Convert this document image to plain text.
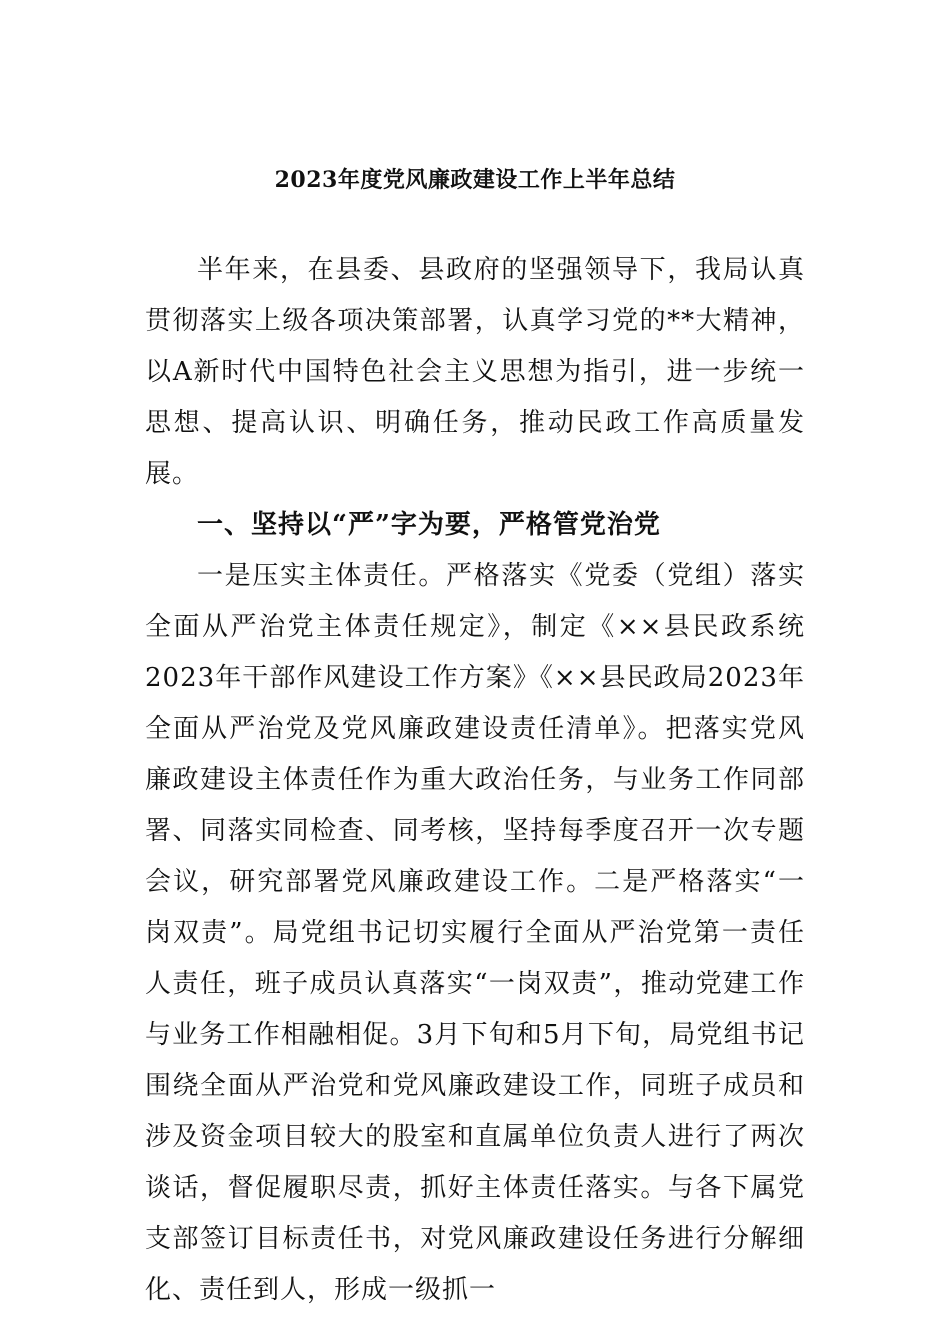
2023年度党风廉政建设工作上半年总结

半年来，在县委、县政府的坚强领导下，我局认真贯彻落实上级各项决策部署，认真学习党的**大精神，以A新时代中国特色社会主义思想为指引，进一步统一思想、提高认识、明确任务，推动民政工作高质量发展。

一、坚持以“严”字为要，严格管党治党

一是压实主体责任。严格落实《党委（党组）落实全面从严治党主体责任规定》，制定《××县民政系统2023年干部作风建设工作方案》《××县民政局2023年全面从严治党及党风廉政建设责任清单》。把落实党风廉政建设主体责任作为重大政治任务，与业务工作同部署、同落实同检查、同考核，坚持每季度召开一次专题会议，研究部署党风廉政建设工作。二是严格落实“一岗双责”。局党组书记切实履行全面从严治党第一责任人责任，班子成员认真落实“一岗双责”，推动党建工作与业务工作相融相促。3月下旬和5月下旬，局党组书记围绕全面从严治党和党风廉政建设工作，同班子成员和涉及资金项目较大的股室和直属单位负责人进行了两次谈话，督促履职尽责，抓好主体责任落实。与各下属党支部签订目标责任书，对党风廉政建设任务进行分解细化、责任到人，形成一级抓一
